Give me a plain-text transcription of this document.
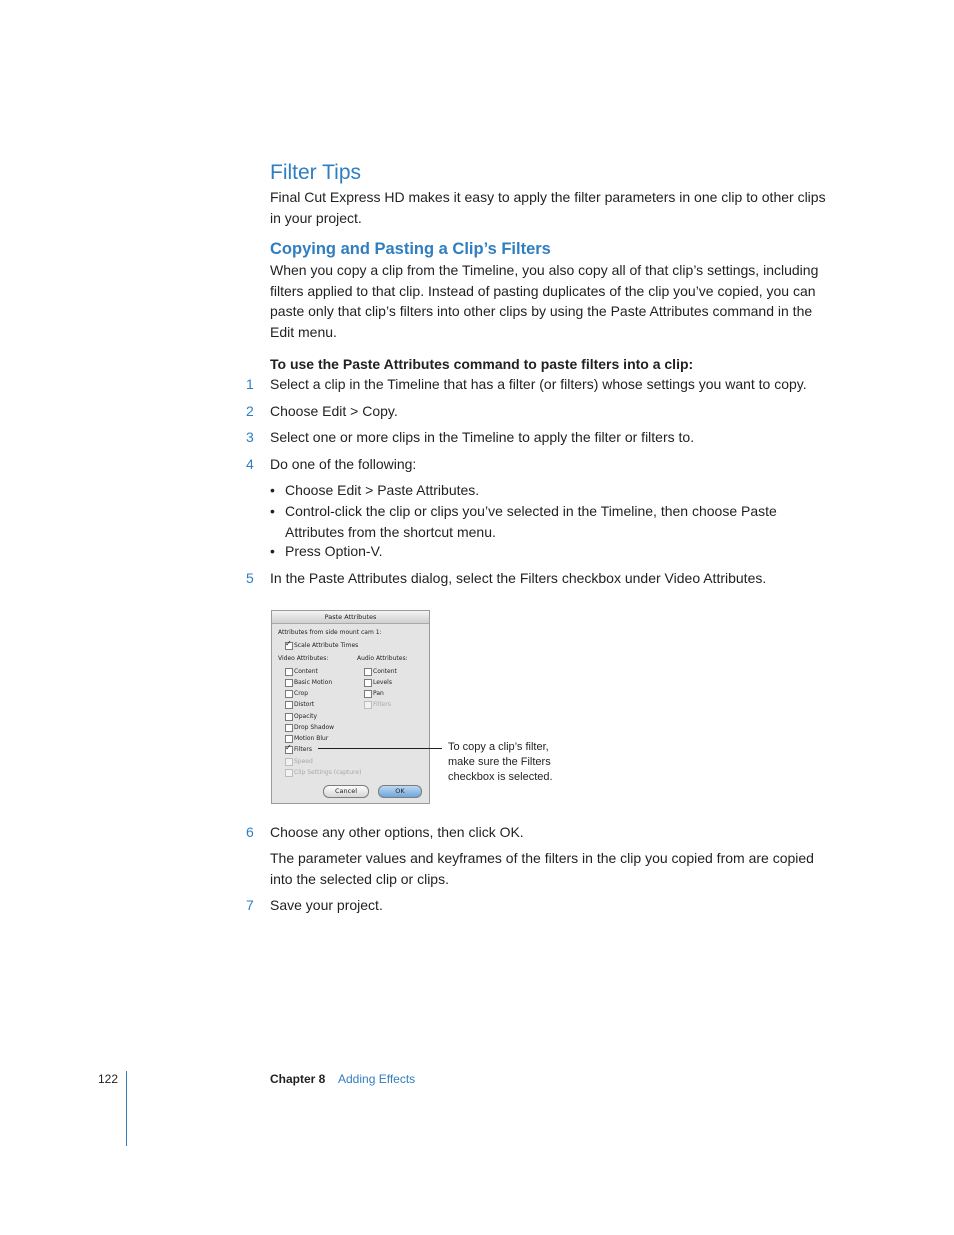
Filter Tips
Final Cut Express HD makes it easy to apply the filter parameters in one clip to other clips in your project.
Copying and Pasting a Clip’s Filters
When you copy a clip from the Timeline, you also copy all of that clip’s settings, including filters applied to that clip. Instead of pasting duplicates of the clip you’ve copied, you can paste only that clip’s filters into other clips by using the Paste Attributes command in the Edit menu.
To use the Paste Attributes command to paste filters into a clip:
1 Select a clip in the Timeline that has a filter (or filters) whose settings you want to copy.
2 Choose Edit > Copy.
3 Select one or more clips in the Timeline to apply the filter or filters to.
4 Do one of the following:
• Choose Edit > Paste Attributes.
• Control-click the clip or clips you’ve selected in the Timeline, then choose Paste Attributes from the shortcut menu.
• Press Option-V.
5 In the Paste Attributes dialog, select the Filters checkbox under Video Attributes.
Paste Attributes
Attributes from side mount cam 1:
✓
Scale Attribute Times
Video Attributes:	Audio Attributes:
Content
Basic Motion
Crop
Distort
Opacity
Drop Shadow
Motion Blur
✓
Filters
Speed
Clip Settings (capture)
Content
Levels
Pan
Filters
Cancel	OK
To copy a clip’s filter, make sure the Filters checkbox is selected.
6 Choose any other options, then click OK.
The parameter values and keyframes of the filters in the clip you copied from are copied into the selected clip or clips.
7 Save your project.
122	Chapter 8 Adding Effects
